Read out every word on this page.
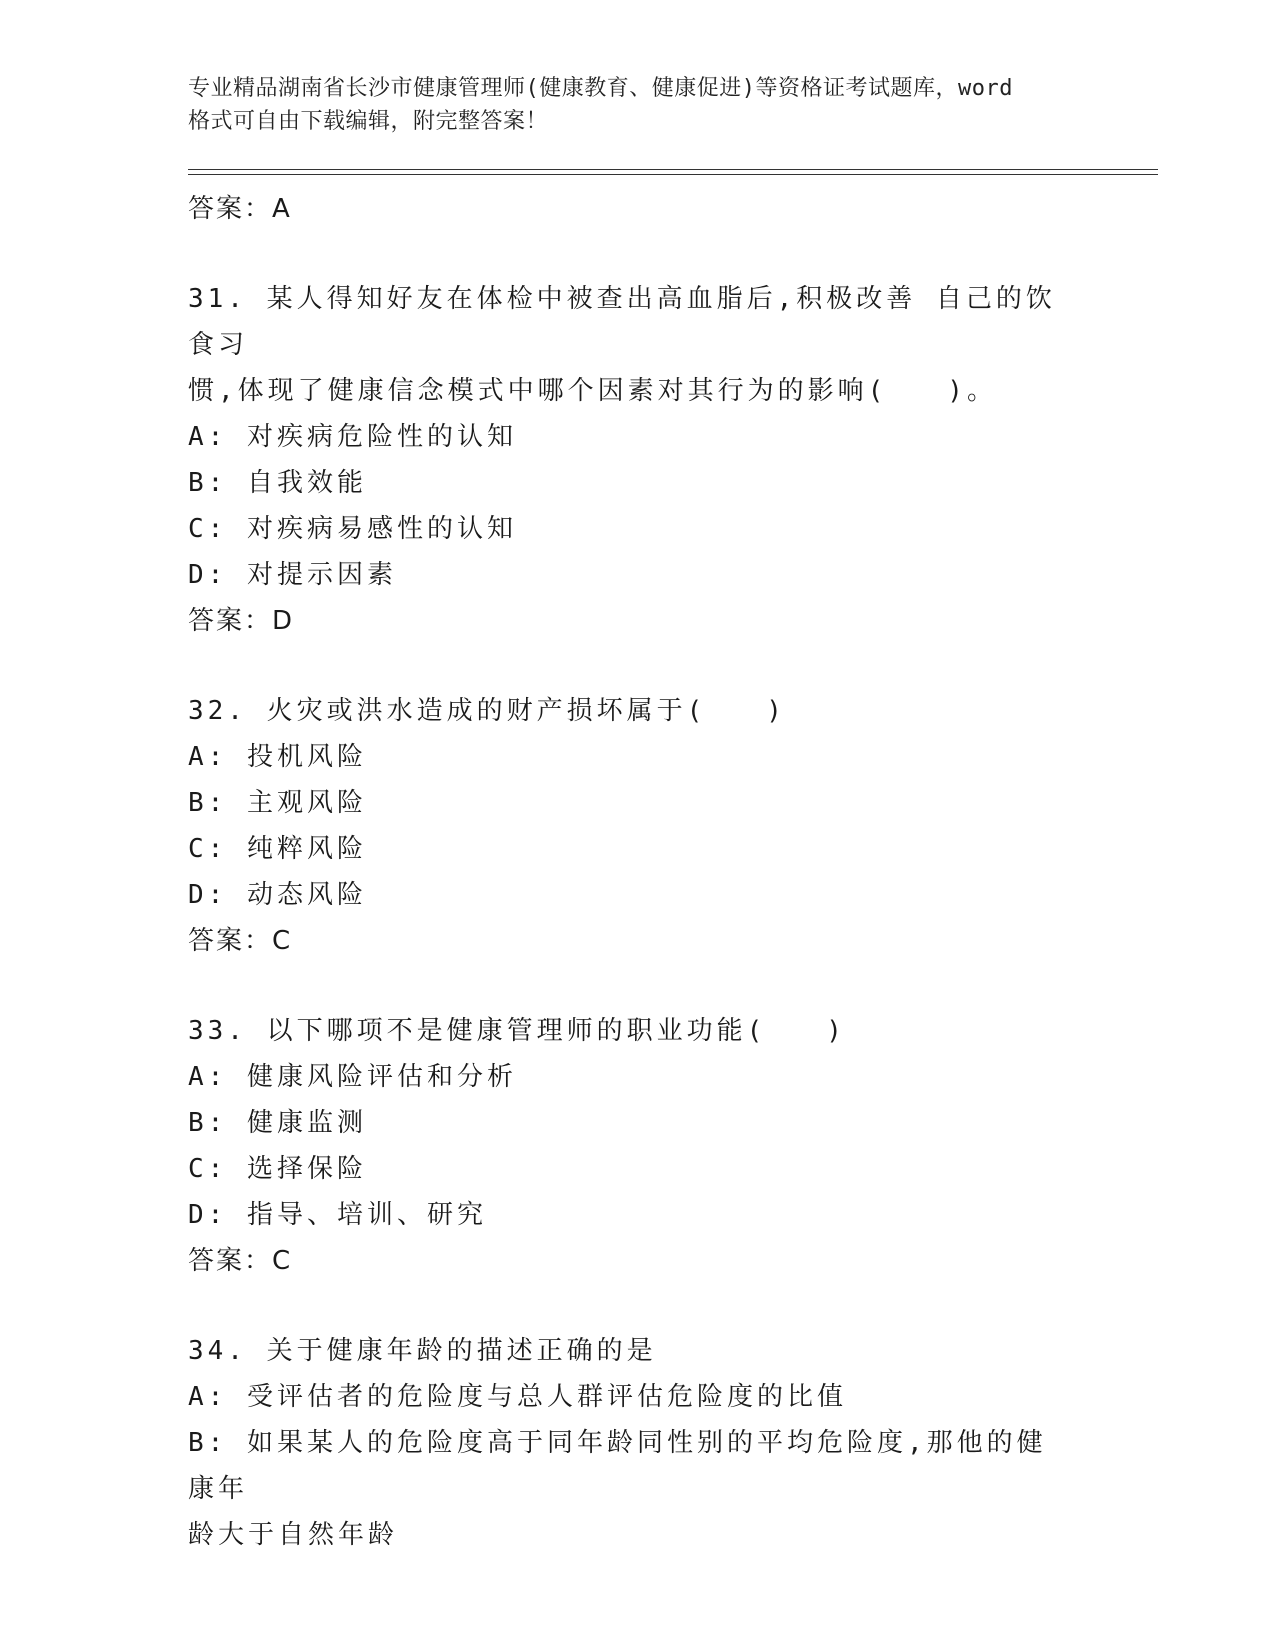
专业精品湖南省长沙市健康管理师(健康教育、健康促进)等资格证考试题库，word
格式可自由下载编辑，附完整答案！
答案：A
31. 某人得知好友在体检中被查出高血脂后,积极改善 自己的饮食习
惯,体现了健康信念模式中哪个因素对其行为的影响(　　)。
A: 对疾病危险性的认知
B: 自我效能
C: 对疾病易感性的认知
D: 对提示因素
答案：D
32. 火灾或洪水造成的财产损坏属于(　　)
A: 投机风险
B: 主观风险
C: 纯粹风险
D: 动态风险
答案：C
33. 以下哪项不是健康管理师的职业功能(　　)
A: 健康风险评估和分析
B: 健康监测
C: 选择保险
D: 指导、培训、研究
答案：C
34. 关于健康年龄的描述正确的是
A: 受评估者的危险度与总人群评估危险度的比值
B: 如果某人的危险度高于同年龄同性别的平均危险度,那他的健康年
龄大于自然年龄
